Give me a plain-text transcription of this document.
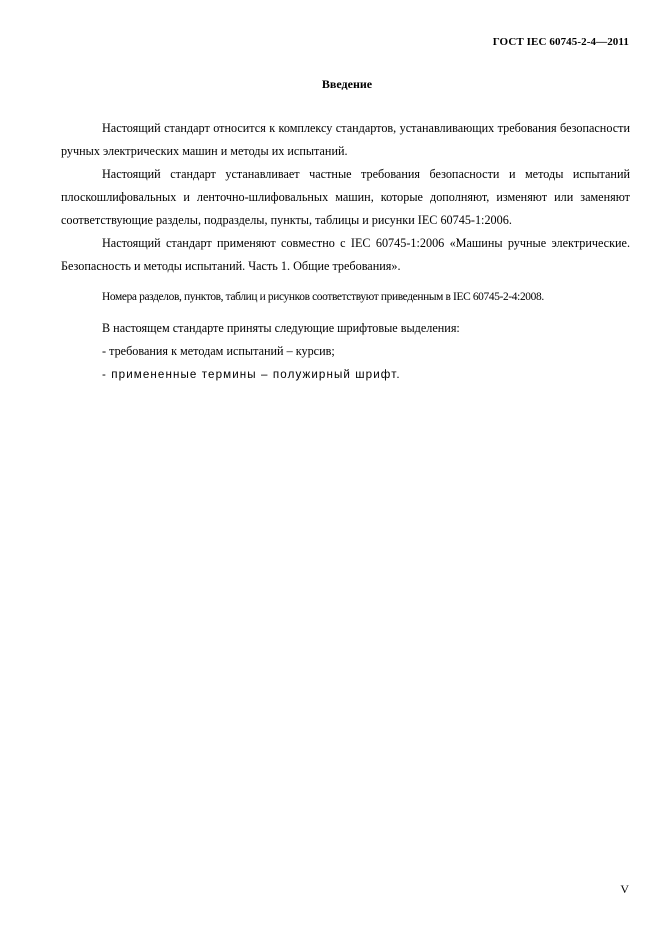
ГОСТ IEC 60745-2-4—2011
Введение

Настоящий стандарт относится к комплексу стандартов, устанавливающих требования безопасности ручных электрических машин и методы их испытаний.

Настоящий стандарт устанавливает частные требования безопасности и методы испытаний плоскошлифовальных и ленточно-шлифовальных машин, которые дополняют, изменяют или заменяют соответствующие разделы, подразделы, пункты, таблицы и рисунки IEC 60745-1:2006.

Настоящий стандарт применяют совместно с IEC 60745-1:2006 «Машины ручные электрические. Безопасность и методы испытаний. Часть 1. Общие требования».

Номера разделов, пунктов, таблиц и рисунков соответствуют приведенным в IEC 60745-2-4:2008.

В настоящем стандарте приняты следующие шрифтовые выделения:

- требования к методам испытаний – курсив;

- примененные термины – полужирный шрифт.

V
